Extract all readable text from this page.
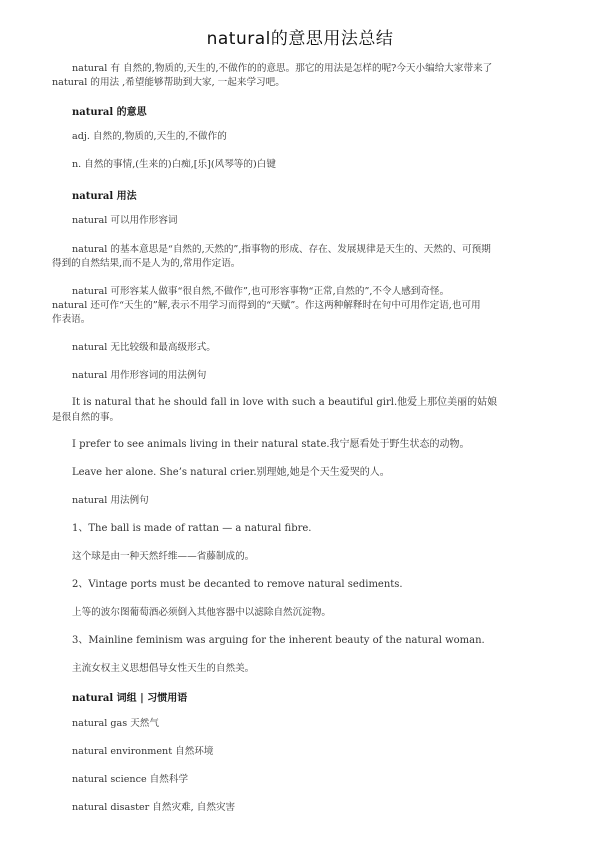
natural的意思用法总结

natural 有 自然的,物质的,天生的,不做作的的意思。那它的用法是怎样的呢?今天小编给大家带来了

natural 的用法 ,希望能够帮助到大家, 一起来学习吧。

natural 的意思

adj. 自然的,物质的,天生的,不做作的

n. 自然的事情,(生来的)白痴,[乐](风琴等的)白键

natural 用法

natural 可以用作形容词

natural 的基本意思是“自然的,天然的”,指事物的形成、存在、发展规律是天生的、天然的、可预期

得到的自然结果,而不是人为的,常用作定语。

natural 可形容某人做事“很自然,不做作”,也可形容事物“正常,自然的”,不令人感到奇怪。

natural 还可作“天生的”解,表示不用学习而得到的“天赋”。作这两种解释时在句中可用作定语,也可用

作表语。

natural 无比较级和最高级形式。

natural 用作形容词的用法例句

It is natural that he should fall in love with such a beautiful girl.他爱上那位美丽的姑娘

是很自然的事。

I prefer to see animals living in their natural state.我宁愿看处于野生状态的动物。

Leave her alone. She’s natural crier.别理她,她是个天生爱哭的人。

natural 用法例句

1、The ball is made of rattan — a natural fibre.

这个球是由一种天然纤维——省藤制成的。

2、Vintage ports must be decanted to remove natural sediments.

上等的波尔图葡萄酒必须倒入其他容器中以滤除自然沉淀物。

3、Mainline feminism was arguing for the inherent beauty of the natural woman.

主流女权主义思想倡导女性天生的自然美。

natural 词组 | 习惯用语

natural gas 天然气

natural environment 自然环境

natural science 自然科学

natural disaster 自然灾难, 自然灾害
